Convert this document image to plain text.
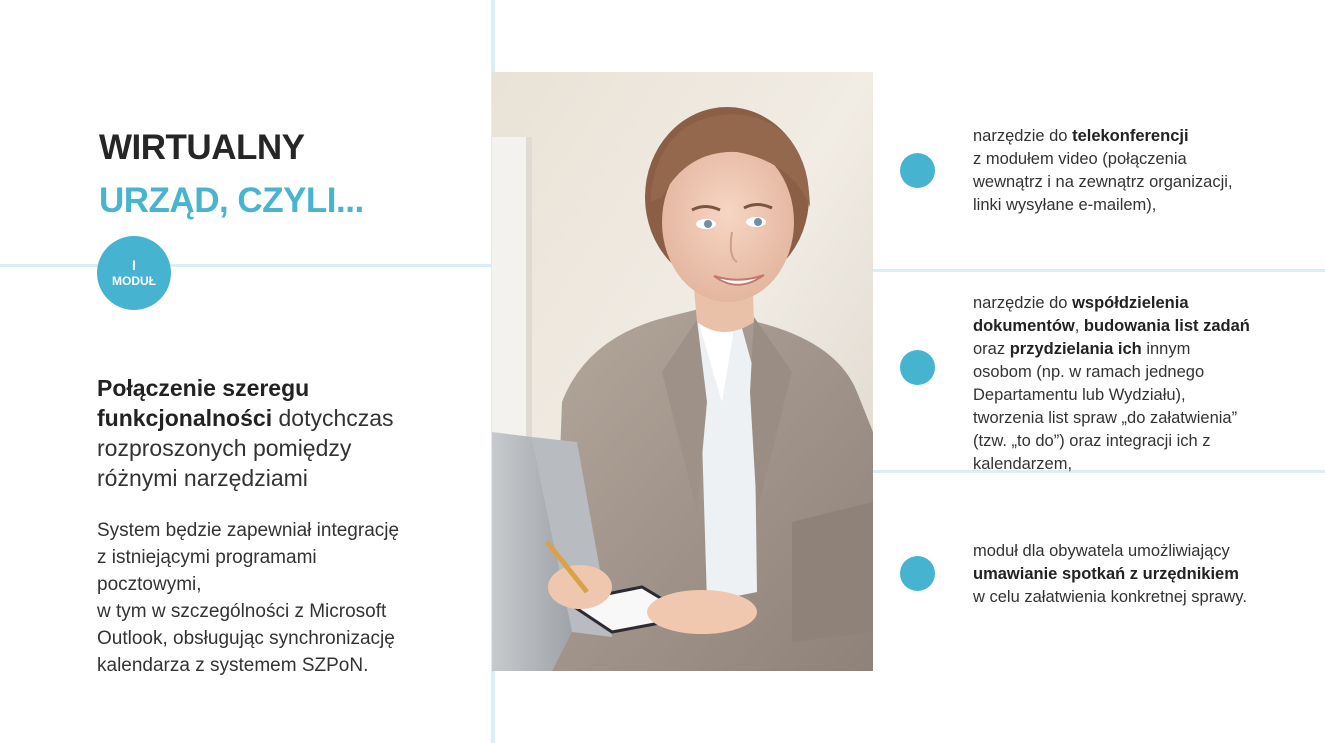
WIRTUALNY
URZĄD, CZYLI...
I
MODUŁ
Połączenie szeregu
funkcjonalności dotychczas
rozproszonych pomiędzy
różnymi narzędziami
System będzie zapewniał integrację
z istniejącymi programami
pocztowymi,
w tym w szczególności z Microsoft
Outlook, obsługując synchronizację
kalendarza z systemem SZPoN.
narzędzie do telekonferencji
z modułem video (połączenia
wewnątrz i na zewnątrz organizacji,
linki wysyłane e-mailem),
narzędzie do współdzielenia
dokumentów, budowania list zadań
oraz przydzielania ich innym
osobom (np. w ramach jednego
Departamentu lub Wydziału),
tworzenia list spraw „do załatwienia”
(tzw. „to do”) oraz integracji ich z
kalendarzem,
moduł dla obywatela umożliwiający
umawianie spotkań z urzędnikiem
w celu załatwienia konkretnej sprawy.
